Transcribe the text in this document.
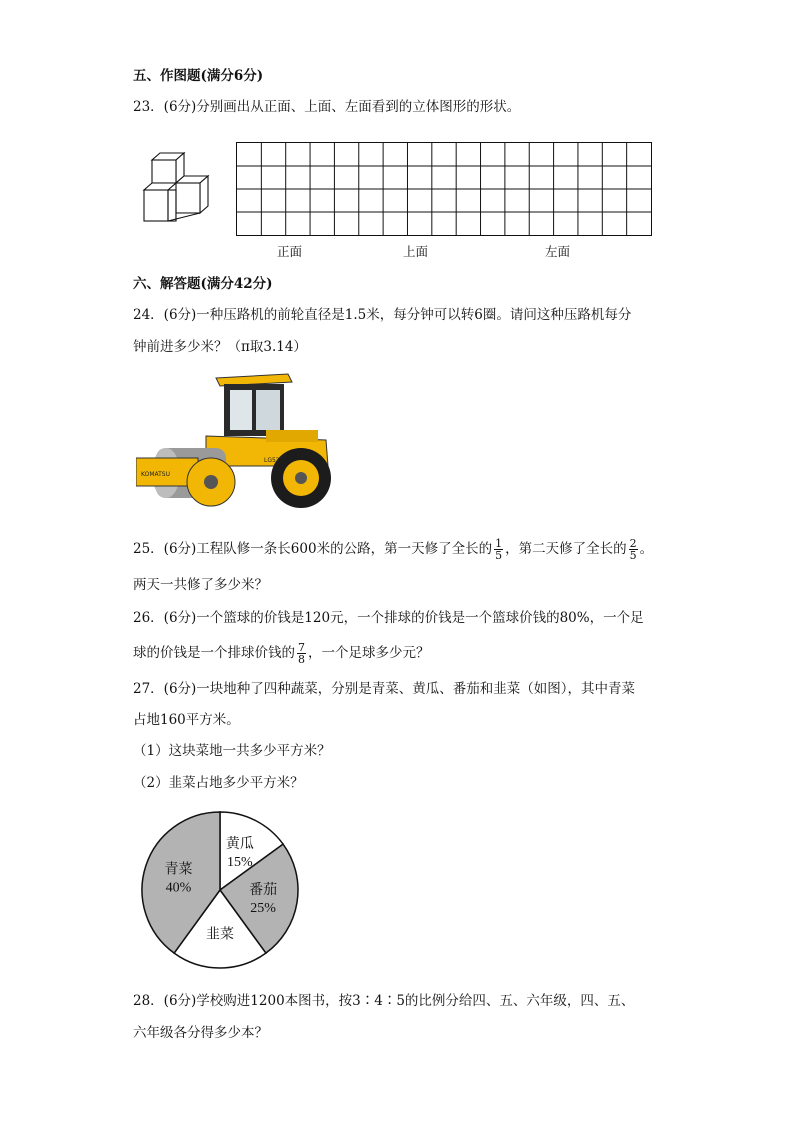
五、作图题(满分6分)
23．(6分)分别画出从正面、上面、左面看到的立体图形的形状。
正面	上面	左面
六、解答题(满分42分)
24．(6分)一种压路机的前轮直径是1.5米，每分钟可以转6圈。请问这种压路机每分
钟前进多少米？（π取3.14）
KOMATSU
LG521J
25．(6分)工程队修一条长600米的公路，第一天修了全长的 $\frac{1}{5}$ ，第二天修了全长的 $\frac{2}{5}$ 。
两天一共修了多少米？
26．(6分)一个篮球的价钱是120元，一个排球的价钱是一个篮球价钱的80%，一个足
球的价钱是一个排球价钱的 $\frac{7}{8}$ ，一个足球多少元？
27．(6分)一块地种了四种蔬菜，分别是青菜、黄瓜、番茄和韭菜（如图），其中青菜
占地160平方米。
（1）这块菜地一共多少平方米？
（2）韭菜占地多少平方米？
黄瓜
15%
番茄
25%
韭菜
青菜
40%
28．(6分)学校购进1200本图书，按3∶4∶5的比例分给四、五、六年级，四、五、
六年级各分得多少本？
